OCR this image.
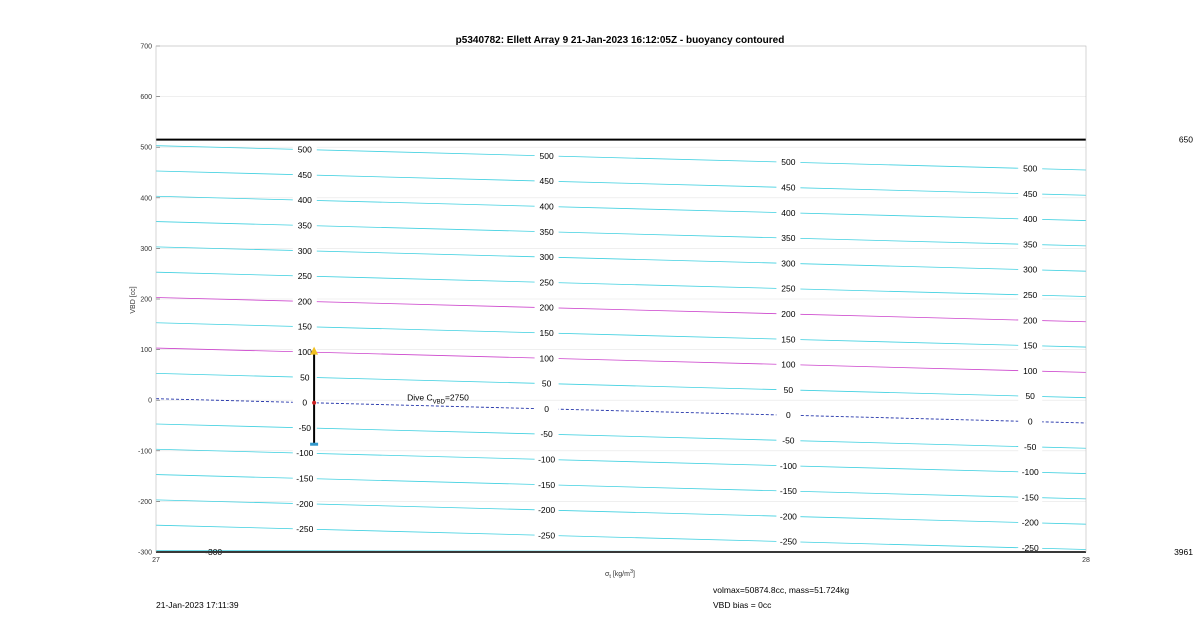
p5340782: Ellett Array 9 21-Jan-2023 16:12:05Z - buoyancy contoured
-250
-250
-250
-250
-200
-200
-200
-200
-150
-150
-150
-150
-100
-100
-100
-100
-50
-50
-50
-50
0
0
0
0
50
50
50
50
100
100
100
100
150
150
150
150
200
200
200
200
250
250
250
250
300
300
300
300
350
350
350
350
400
400
400
400
450
450
450
450
500
500
500
500
-300
650
3961
Dive $C_{VBD}=2750$
700
600
500
400
300
200
100
0
-100
-200
-300
27	28
VBD [cc]
$\sigma_t$ $[kg/m^3]$
21-Jan-2023 17:11:39
volmax=50874.8cc, mass=51.724kg
VBD bias = 0cc
